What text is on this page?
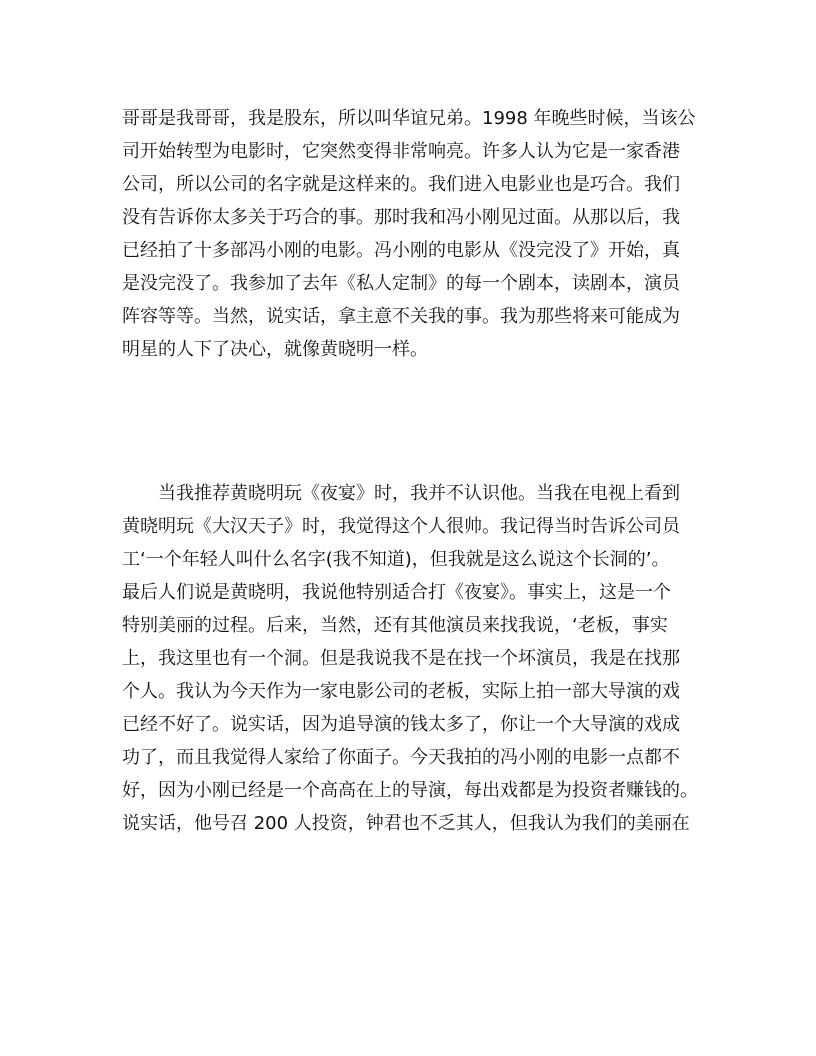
哥哥是我哥哥，我是股东，所以叫华谊兄弟。1998 年晚些时候，当该公
司开始转型为电影时，它突然变得非常响亮。许多人认为它是一家香港
公司，所以公司的名字就是这样来的。我们进入电影业也是巧合。我们
没有告诉你太多关于巧合的事。那时我和冯小刚见过面。从那以后，我
已经拍了十多部冯小刚的电影。冯小刚的电影从《没完没了》开始，真
是没完没了。我参加了去年《私人定制》的每一个剧本，读剧本，演员
阵容等等。当然，说实话，拿主意不关我的事。我为那些将来可能成为
明星的人下了决心，就像黄晓明一样。
当我推荐黄晓明玩《夜宴》时，我并不认识他。当我在电视上看到
黄晓明玩《大汉天子》时，我觉得这个人很帅。我记得当时告诉公司员
工‘一个年轻人叫什么名字(我不知道)，但我就是这么说这个长洞的’。
最后人们说是黄晓明，我说他特别适合打《夜宴》。事实上，这是一个
特别美丽的过程。后来，当然，还有其他演员来找我说，‘老板，事实
上，我这里也有一个洞。但是我说我不是在找一个坏演员，我是在找那
个人。我认为今天作为一家电影公司的老板，实际上拍一部大导演的戏
已经不好了。说实话，因为追导演的钱太多了，你让一个大导演的戏成
功了，而且我觉得人家给了你面子。今天我拍的冯小刚的电影一点都不
好，因为小刚已经是一个高高在上的导演，每出戏都是为投资者赚钱的。
说实话，他号召 200 人投资，钟君也不乏其人，但我认为我们的美丽在
